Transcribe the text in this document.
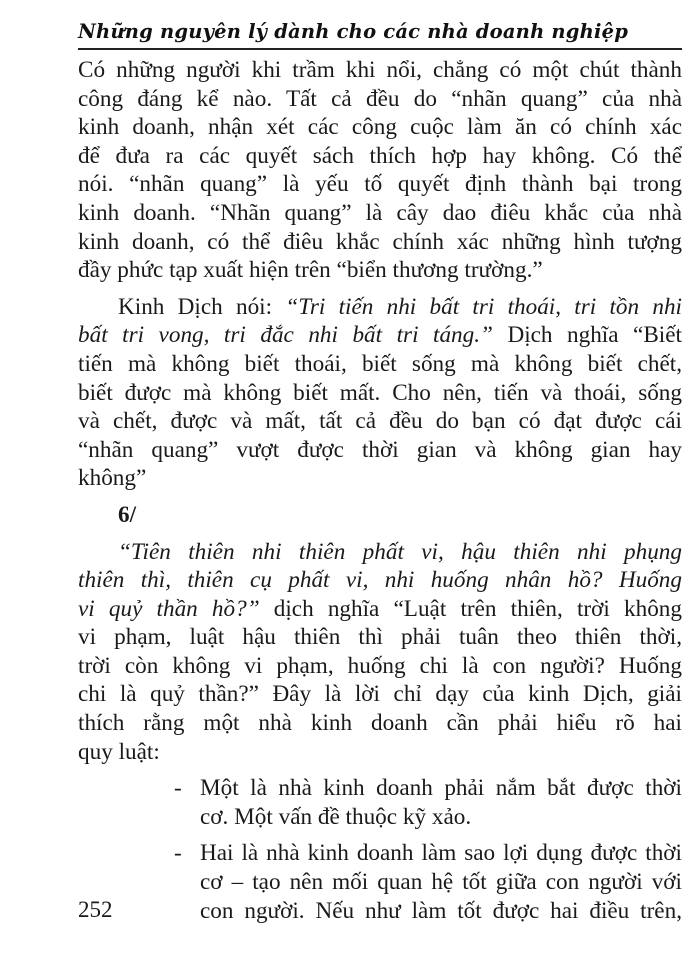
Những nguyên lý dành cho các nhà doanh nghiệp
Có những người khi trầm khi nổi, chẳng có một chút thành
công đáng kể nào. Tất cả đều do “nhãn quang” của nhà
kinh doanh, nhận xét các công cuộc làm ăn có chính xác
để đưa ra các quyết sách thích hợp hay không. Có thể
nói. “nhãn quang” là yếu tố quyết định thành bại trong
kinh doanh. “Nhãn quang” là cây dao điêu khắc của nhà
kinh doanh, có thể điêu khắc chính xác những hình tượng
đầy phức tạp xuất hiện trên “biển thương trường.”
Kinh Dịch nói: “Tri tiến nhi bất tri thoái, tri tồn nhi
bất tri vong, tri đắc nhi bất tri táng.” Dịch nghĩa “Biết
tiến mà không biết thoái, biết sống mà không biết chết,
biết được mà không biết mất. Cho nên, tiến và thoái, sống
và chết, được và mất, tất cả đều do bạn có đạt được cái
“nhãn quang” vượt được thời gian và không gian hay
không”
6/
“Tiên thiên nhi thiên phất vi, hậu thiên nhi phụng
thiên thì, thiên cụ phất vi, nhi huống nhân hồ? Huống
vi quỷ thần hồ?” dịch nghĩa “Luật trên thiên, trời không
vi phạm, luật hậu thiên thì phải tuân theo thiên thời,
trời còn không vi phạm, huống chi là con người? Huống
chi là quỷ thần?” Đây là lời chỉ dạy của kinh Dịch, giải
thích rằng một nhà kinh doanh cần phải hiểu rõ hai
quy luật:
- Một là nhà kinh doanh phải nắm bắt được thời
cơ. Một vấn đề thuộc kỹ xảo.
- Hai là nhà kinh doanh làm sao lợi dụng được thời
cơ – tạo nên mối quan hệ tốt giữa con người với
con người. Nếu như làm tốt được hai điều trên,
252
